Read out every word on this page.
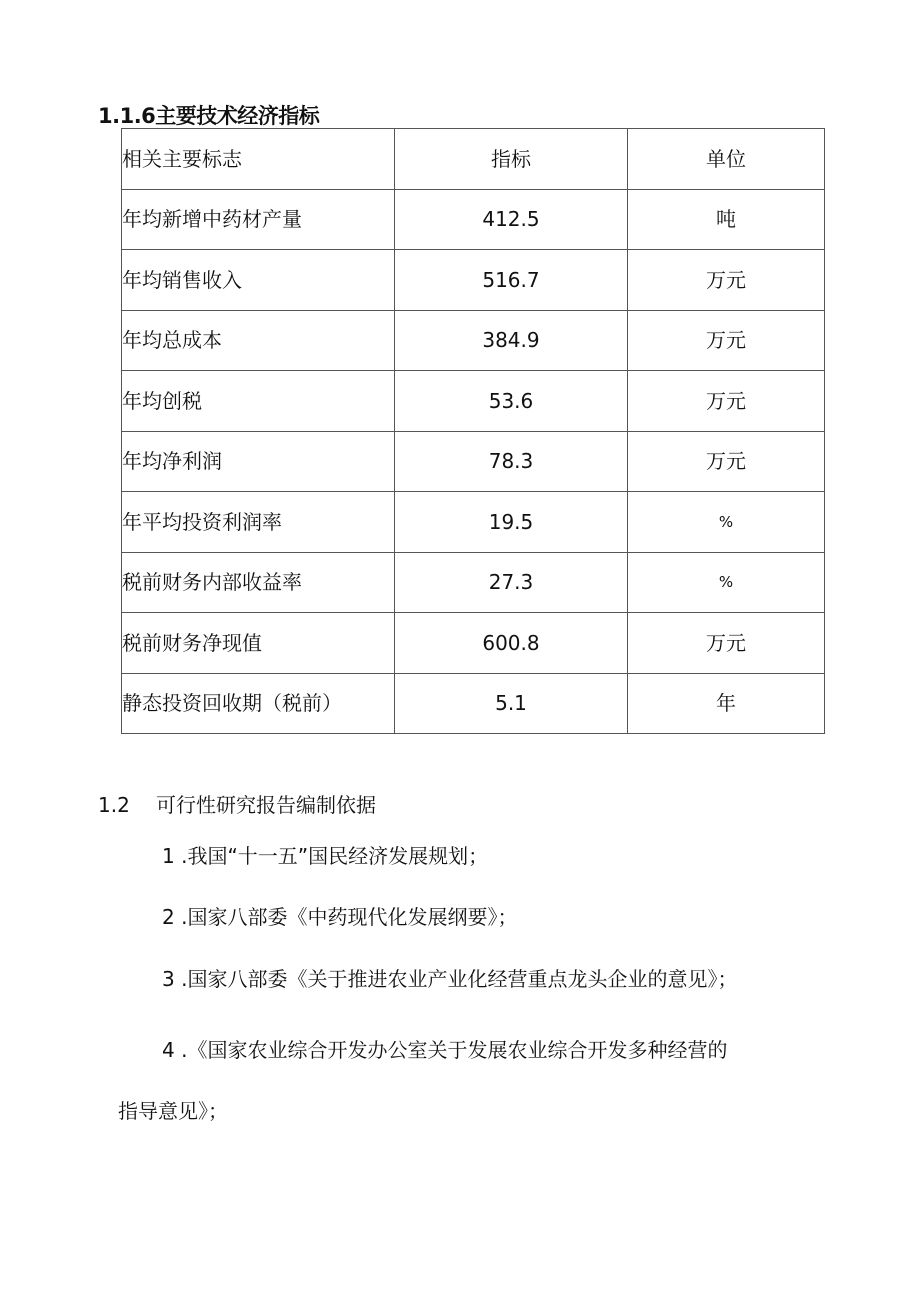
1.1.6主要技术经济指标
相关主要标志	指标	单位
年均新增中药材产量	412.5	吨
年均销售收入	516.7	万元
年均总成本	384.9	万元
年均创税	53.6	万元
年均净利润	78.3	万元
年平均投资利润率	19.5	%
税前财务内部收益率	27.3	%
税前财务净现值	600.8	万元
静态投资回收期（税前）	5.1	年
1.2 可行性研究报告编制依据
1 .我国“十一五”国民经济发展规划；
2 .国家八部委《中药现代化发展纲要》；
3 .国家八部委《关于推进农业产业化经营重点龙头企业的意见》；
4 .《国家农业综合开发办公室关于发展农业综合开发多种经营的
指导意见》；
